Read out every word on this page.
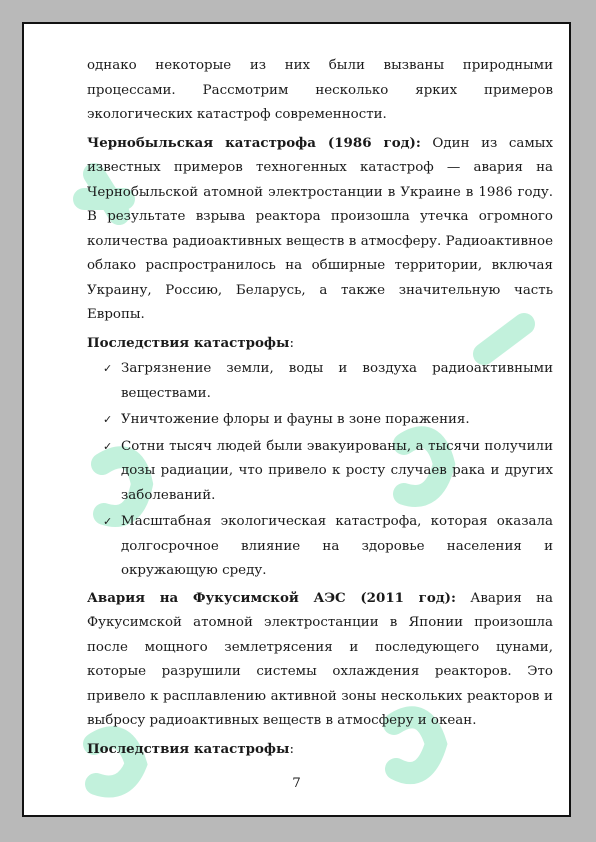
однако некоторые из них были вызваны природными процессами. Рассмотрим несколько ярких примеров экологических катастроф современности.

Чернобыльская катастрофа (1986 год): Один из самых известных примеров техногенных катастроф — авария на Чернобыльской атомной электростанции в Украине в 1986 году. В результате взрыва реактора произошла утечка огромного количества радиоактивных веществ в атмосферу. Радиоактивное облако распространилось на обширные территории, включая Украину, Россию, Беларусь, а также значительную часть Европы.

Последствия катастрофы:

✓ Загрязнение земли, воды и воздуха радиоактивными веществами.
✓ Уничтожение флоры и фауны в зоне поражения.
✓ Сотни тысяч людей были эвакуированы, а тысячи получили дозы радиации, что привело к росту случаев рака и других заболеваний.
✓ Масштабная экологическая катастрофа, которая оказала долгосрочное влияние на здоровье населения и окружающую среду.

Авария на Фукусимской АЭС (2011 год): Авария на Фукусимской атомной электростанции в Японии произошла после мощного землетрясения и последующего цунами, которые разрушили системы охлаждения реакторов. Это привело к расплавлению активной зоны нескольких реакторов и выбросу радиоактивных веществ в атмосферу и океан.

Последствия катастрофы:

7
